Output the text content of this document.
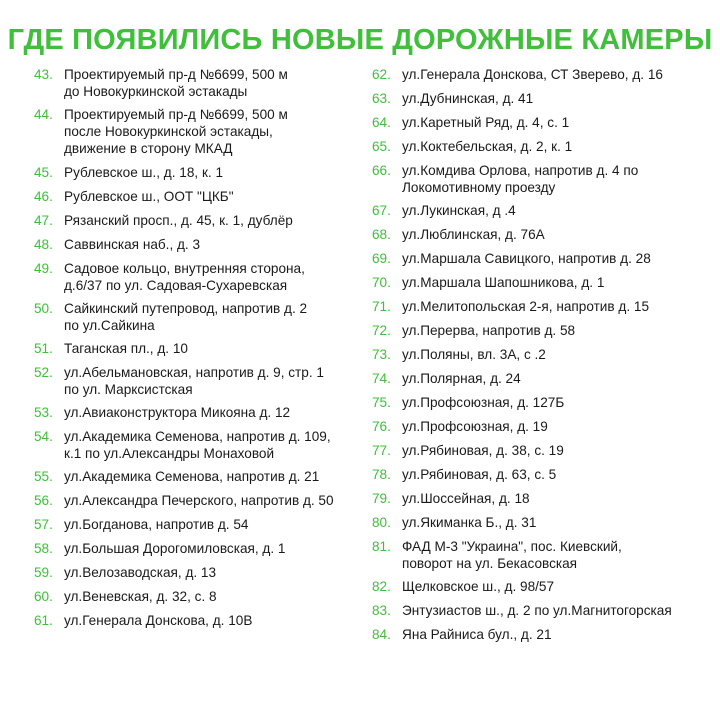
ГДЕ ПОЯВИЛИСЬ НОВЫЕ ДОРОЖНЫЕ КАМЕРЫ
43. Проектируемый пр-д №6699, 500 м
до Новокуркинской эстакады
44. Проектируемый пр-д №6699, 500 м
после Новокуркинской эстакады,
движение в сторону МКАД
45. Рублевское ш., д. 18, к. 1
46. Рублевское ш., ООТ "ЦКБ"
47. Рязанский просп., д. 45, к. 1, дублёр
48. Саввинская наб., д. 3
49. Садовое кольцо, внутренняя сторона,
д.6/37 по ул. Садовая-Сухаревская
50. Сайкинский путепровод, напротив д. 2
по ул.Сайкина
51. Таганская пл., д. 10
52. ул.Абельмановская, напротив д. 9, стр. 1
по ул. Марксистская
53. ул.Авиаконструктора Микояна д. 12
54. ул.Академика Семенова, напротив д. 109,
к.1 по ул.Александры Монаховой
55. ул.Академика Семенова, напротив д. 21
56. ул.Александра Печерского, напротив д. 50
57. ул.Богданова, напротив д. 54
58. ул.Большая Дорогомиловская, д. 1
59. ул.Велозаводская, д. 13
60. ул.Веневская, д. 32, с. 8
61. ул.Генерала Донскова, д. 10В
62. ул.Генерала Донскова, СТ Зверево, д. 16
63. ул.Дубнинская, д. 41
64. ул.Каретный Ряд, д. 4, с. 1
65. ул.Коктебельская, д. 2, к. 1
66. ул.Комдива Орлова, напротив д. 4 по
Локомотивному проезду
67. ул.Лукинская, д .4
68. ул.Люблинская, д. 76А
69. ул.Маршала Савицкого, напротив д. 28
70. ул.Маршала Шапошникова, д. 1
71. ул.Мелитопольская 2-я, напротив д. 15
72. ул.Перерва, напротив д. 58
73. ул.Поляны, вл. 3А, с .2
74. ул.Полярная, д. 24
75. ул.Профсоюзная, д. 127Б
76. ул.Профсоюзная, д. 19
77. ул.Рябиновая, д. 38, с. 19
78. ул.Рябиновая, д. 63, с. 5
79. ул.Шоссейная, д. 18
80. ул.Якиманка Б., д. 31
81. ФАД М-3 "Украина", пос. Киевский,
поворот на ул. Бекасовская
82. Щелковское ш., д. 98/57
83. Энтузиастов ш., д. 2 по ул.Магнитогорская
84. Яна Райниса бул., д. 21
